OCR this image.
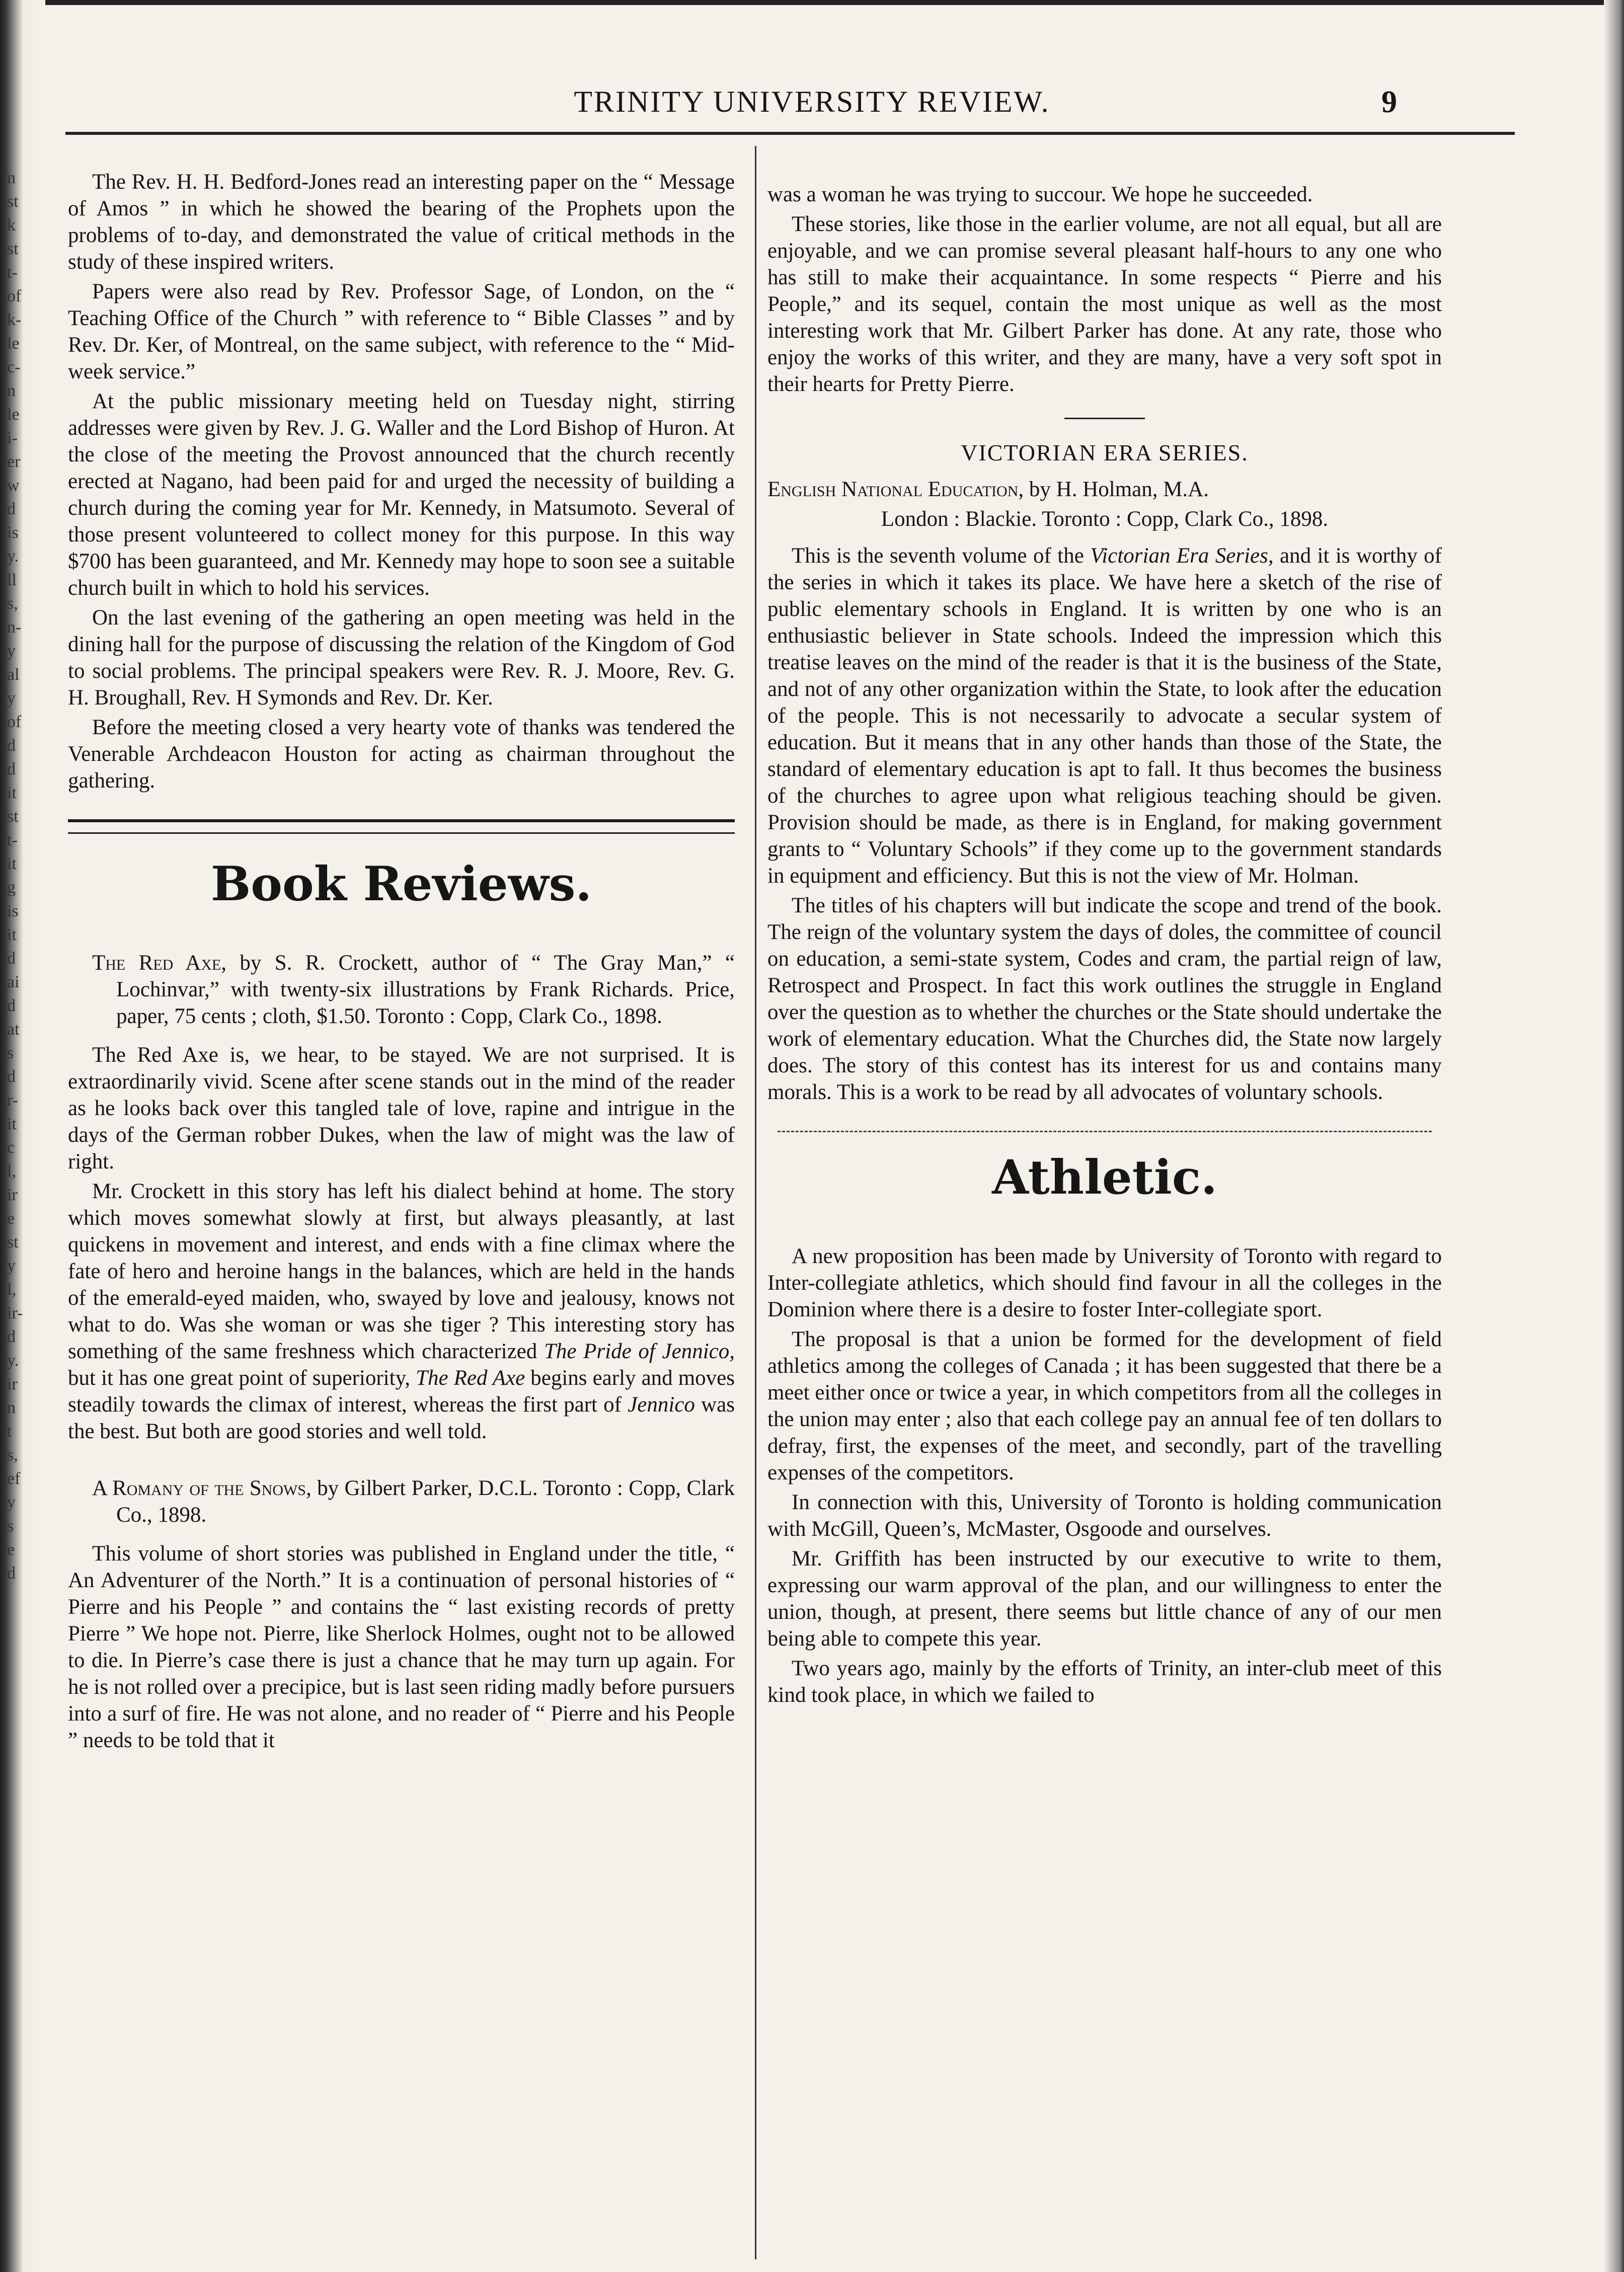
n
st
k
st
t-
of
k-
le
c-
n
le
i-
er
w
d
is
y.
ll
s,
n-
y
al
y
of
d
d
it
st
t-
it
g
is
it
d
ai
d
at
s
d
r-
it
c
l,
ir
e
st
y
l,
ir-
d
y.
ir
n
t
s,
ef
y
s
e
d
TRINITY UNIVERSITY REVIEW.	9

The Rev. H. H. Bedford-Jones read an interesting paper on the “ Message of Amos ” in which he showed the bearing of the Prophets upon the problems of to-day, and demonstrated the value of critical methods in the study of these inspired writers.

Papers were also read by Rev. Professor Sage, of London, on the “ Teaching Office of the Church ” with reference to “ Bible Classes ” and by Rev. Dr. Ker, of Montreal, on the same subject, with reference to the “ Mid-week service.”

At the public missionary meeting held on Tuesday night, stirring addresses were given by Rev. J. G. Waller and the Lord Bishop of Huron. At the close of the meeting the Provost announced that the church recently erected at Nagano, had been paid for and urged the necessity of building a church during the coming year for Mr. Kennedy, in Matsumoto. Several of those present volunteered to collect money for this purpose. In this way $700 has been guaranteed, and Mr. Kennedy may hope to soon see a suitable church built in which to hold his services.

On the last evening of the gathering an open meeting was held in the dining hall for the purpose of discussing the relation of the Kingdom of God to social problems. The principal speakers were Rev. R. J. Moore, Rev. G. H. Broughall, Rev. H Symonds and Rev. Dr. Ker.

Before the meeting closed a very hearty vote of thanks was tendered the Venerable Archdeacon Houston for acting as chairman throughout the gathering.

Book Reviews.

The Red Axe, by S. R. Crockett, author of “ The Gray Man,” “ Lochinvar,” with twenty-six illustrations by Frank Richards. Price, paper, 75 cents ; cloth, $1.50. Toronto : Copp, Clark Co., 1898.

The Red Axe is, we hear, to be stayed. We are not surprised. It is extraordinarily vivid. Scene after scene stands out in the mind of the reader as he looks back over this tangled tale of love, rapine and intrigue in the days of the German robber Dukes, when the law of might was the law of right.

Mr. Crockett in this story has left his dialect behind at home. The story which moves somewhat slowly at first, but always pleasantly, at last quickens in movement and interest, and ends with a fine climax where the fate of hero and heroine hangs in the balances, which are held in the hands of the emerald-eyed maiden, who, swayed by love and jealousy, knows not what to do. Was she woman or was she tiger ? This interesting story has something of the same freshness which characterized The Pride of Jennico, but it has one great point of superiority, The Red Axe begins early and moves steadily towards the climax of interest, whereas the first part of Jennico was the best. But both are good stories and well told.

A Romany of the Snows, by Gilbert Parker, D.C.L. Toronto : Copp, Clark Co., 1898.

This volume of short stories was published in England under the title, “ An Adventurer of the North.” It is a continuation of personal histories of “ Pierre and his People ” and contains the “ last existing records of pretty Pierre ” We hope not. Pierre, like Sherlock Holmes, ought not to be allowed to die. In Pierre’s case there is just a chance that he may turn up again. For he is not rolled over a precipice, but is last seen riding madly before pursuers into a surf of fire. He was not alone, and no reader of “ Pierre and his People ” needs to be told that it

was a woman he was trying to succour. We hope he succeeded.

These stories, like those in the earlier volume, are not all equal, but all are enjoyable, and we can promise several pleasant half-hours to any one who has still to make their acquaintance. In some respects “ Pierre and his People,” and its sequel, contain the most unique as well as the most interesting work that Mr. Gilbert Parker has done. At any rate, those who enjoy the works of this writer, and they are many, have a very soft spot in their hearts for Pretty Pierre.

VICTORIAN ERA SERIES.

English National Education, by H. Holman, M.A.

London : Blackie. Toronto : Copp, Clark Co., 1898.

This is the seventh volume of the Victorian Era Series, and it is worthy of the series in which it takes its place. We have here a sketch of the rise of public elementary schools in England. It is written by one who is an enthusiastic believer in State schools. Indeed the impression which this treatise leaves on the mind of the reader is that it is the business of the State, and not of any other organization within the State, to look after the education of the people. This is not necessarily to advocate a secular system of education. But it means that in any other hands than those of the State, the standard of elementary education is apt to fall. It thus becomes the business of the churches to agree upon what religious teaching should be given. Provision should be made, as there is in England, for making government grants to “ Voluntary Schools” if they come up to the government standards in equipment and efficiency. But this is not the view of Mr. Holman.

The titles of his chapters will but indicate the scope and trend of the book. The reign of the voluntary system the days of doles, the committee of council on education, a semi-state system, Codes and cram, the partial reign of law, Retrospect and Prospect. In fact this work outlines the struggle in England over the question as to whether the churches or the State should undertake the work of elementary education. What the Churches did, the State now largely does. The story of this contest has its interest for us and contains many morals. This is a work to be read by all advocates of voluntary schools.

Athletic.

A new proposition has been made by University of Toronto with regard to Inter-collegiate athletics, which should find favour in all the colleges in the Dominion where there is a desire to foster Inter-collegiate sport.

The proposal is that a union be formed for the development of field athletics among the colleges of Canada ; it has been suggested that there be a meet either once or twice a year, in which competitors from all the colleges in the union may enter ; also that each college pay an annual fee of ten dollars to defray, first, the expenses of the meet, and secondly, part of the travelling expenses of the competitors.

In connection with this, University of Toronto is holding communication with McGill, Queen’s, McMaster, Osgoode and ourselves.

Mr. Griffith has been instructed by our executive to write to them, expressing our warm approval of the plan, and our willingness to enter the union, though, at present, there seems but little chance of any of our men being able to compete this year.

Two years ago, mainly by the efforts of Trinity, an inter-club meet of this kind took place, in which we failed to
